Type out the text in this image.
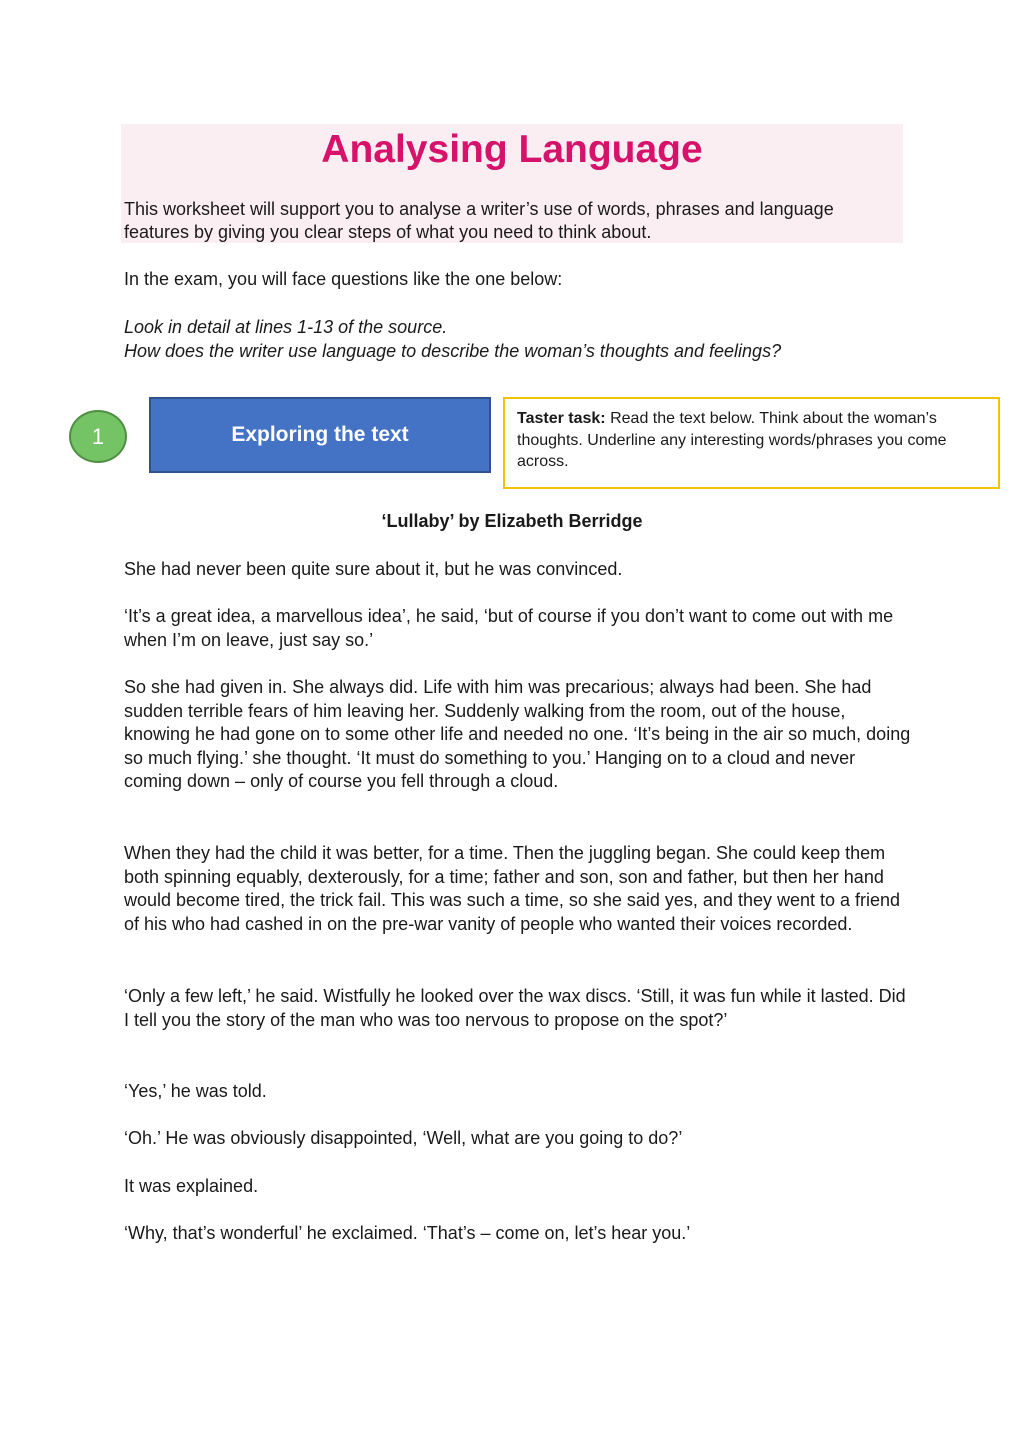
Analysing Language

This worksheet will support you to analyse a writer’s use of words, phrases and language features by giving you clear steps of what you need to think about.

In the exam, you will face questions like the one below:

Look in detail at lines 1-13 of the source.

How does the writer use language to describe the woman’s thoughts and feelings?

1	Exploring the text
Taster task: Read the text below. Think about the woman’s thoughts. Underline any interesting words/phrases you come across.

‘Lullaby’ by Elizabeth Berridge

She had never been quite sure about it, but he was convinced.

‘It’s a great idea, a marvellous idea’, he said, ‘but of course if you don’t want to come out with me when I’m on leave, just say so.’

So she had given in. She always did. Life with him was precarious; always had been. She had sudden terrible fears of him leaving her. Suddenly walking from the room, out of the house, knowing he had gone on to some other life and needed no one. ‘It’s being in the air so much, doing so much flying.’ she thought. ‘It must do something to you.’ Hanging on to a cloud and never coming down – only of course you fell through a cloud.

When they had the child it was better, for a time. Then the juggling began. She could keep them both spinning equably, dexterously, for a time; father and son, son and father, but then her hand would become tired, the trick fail. This was such a time, so she said yes, and they went to a friend of his who had cashed in on the pre-war vanity of people who wanted their voices recorded.

‘Only a few left,’ he said. Wistfully he looked over the wax discs. ‘Still, it was fun while it lasted. Did I tell you the story of the man who was too nervous to propose on the spot?’

‘Yes,’ he was told.

‘Oh.’ He was obviously disappointed, ‘Well, what are you going to do?’

It was explained.

‘Why, that’s wonderful’ he exclaimed. ‘That’s – come on, let’s hear you.’
